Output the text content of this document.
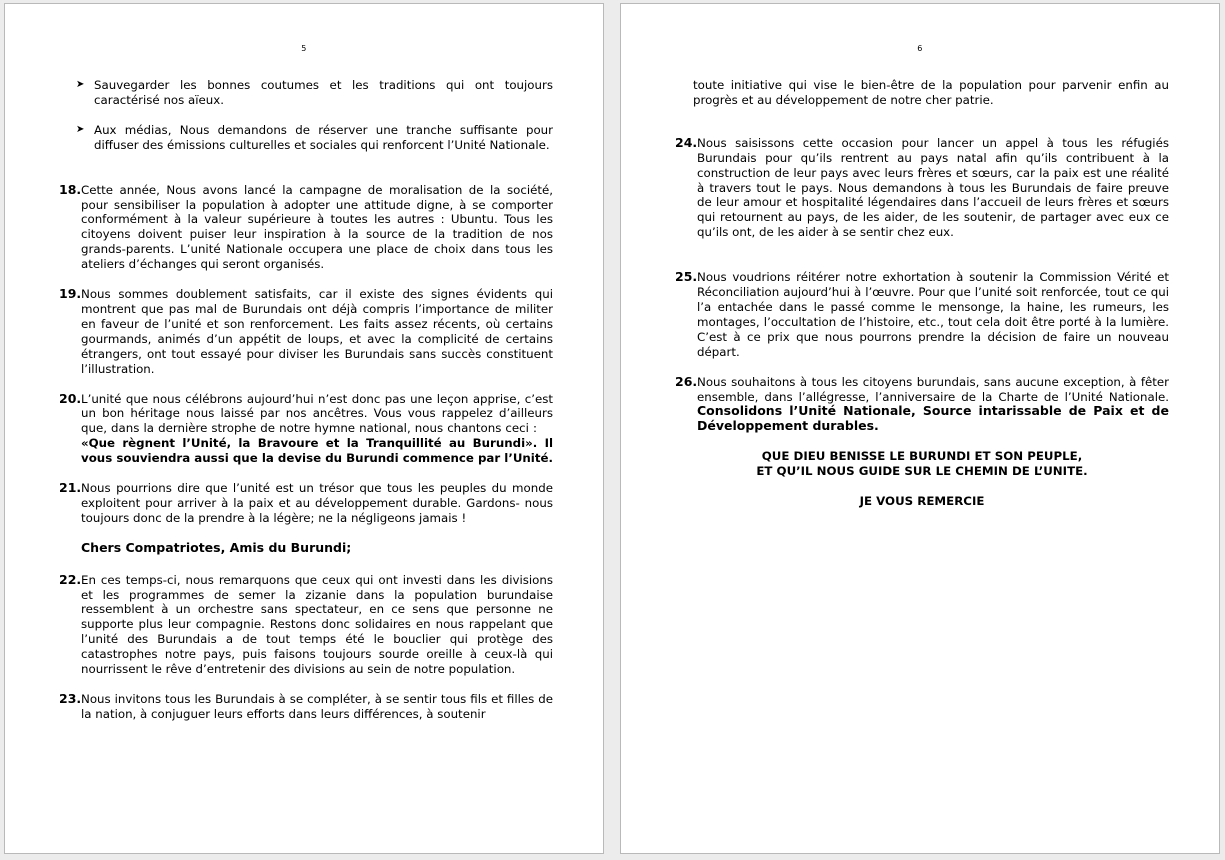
5
➤ Sauvegarder les bonnes coutumes et les traditions qui ont toujours caractérisé nos aïeux.
➤ Aux médias, Nous demandons de réserver une tranche suffisante pour diffuser des émissions culturelles et sociales qui renforcent l’Unité Nationale.
18. Cette année, Nous avons lancé la campagne de moralisation de la société, pour sensibiliser la population à adopter une attitude digne, à se comporter conformément à la valeur supérieure à toutes les autres : Ubuntu. Tous les citoyens doivent puiser leur inspiration à la source de la tradition de nos grands-parents. L’unité Nationale occupera une place de choix dans tous les ateliers d’échanges qui seront organisés.
19. Nous sommes doublement satisfaits, car il existe des signes évidents qui montrent que pas mal de Burundais ont déjà compris l’importance de militer en faveur de l’unité et son renforcement. Les faits assez récents, où certains gourmands, animés d’un appétit de loups, et avec la complicité de certains étrangers, ont tout essayé pour diviser les Burundais sans succès constituent l’illustration.
20. L’unité que nous célébrons aujourd’hui n’est donc pas une leçon apprise, c’est un bon héritage nous laissé par nos ancêtres. Vous vous rappelez d’ailleurs que, dans la dernière strophe de notre hymne national, nous chantons ceci :     «Que règnent l’Unité, la Bravoure et la Tranquillité au Burundi». Il vous souviendra aussi que la devise du Burundi commence par l’Unité.
21. Nous pourrions dire que l’unité est un trésor que tous les peuples du monde exploitent pour arriver à la paix et au développement durable. Gardons- nous toujours donc de la prendre à la légère; ne la négligeons jamais !
Chers Compatriotes, Amis du Burundi;
22. En ces temps-ci, nous remarquons que ceux qui ont investi dans les divisions et les programmes de semer la zizanie dans la population burundaise ressemblent à un orchestre sans spectateur, en ce sens que personne ne supporte plus leur compagnie. Restons donc solidaires en nous rappelant que l’unité des Burundais a de tout temps été le bouclier qui protège des catastrophes notre pays, puis faisons toujours sourde oreille à ceux-là qui nourrissent le rêve d’entretenir des divisions au sein de notre population.
23. Nous invitons tous les Burundais à se compléter, à se sentir tous fils et filles de la nation, à conjuguer leurs efforts dans leurs différences, à soutenir
6
toute initiative qui vise le bien-être de la population pour parvenir enfin au progrès et au développement de notre cher patrie.
24. Nous saisissons cette occasion pour lancer un appel à tous les réfugiés Burundais pour qu’ils rentrent au pays natal afin qu’ils contribuent à la construction de leur pays avec leurs frères et sœurs, car la paix est une réalité à travers tout le pays. Nous demandons à tous les Burundais de faire preuve de leur amour et hospitalité légendaires dans l’accueil de leurs frères et sœurs qui retournent au pays, de les aider, de les soutenir, de partager avec eux ce qu’ils ont, de les aider à se sentir chez eux.
25. Nous voudrions réitérer notre exhortation à soutenir la Commission Vérité et Réconciliation aujourd’hui à l’œuvre. Pour que l’unité soit renforcée, tout ce qui l’a entachée dans le passé comme le mensonge, la haine, les rumeurs, les montages, l’occultation de l’histoire, etc., tout cela doit être porté à la lumière. C’est à ce prix que nous pourrons prendre la décision de faire un nouveau départ.
26. Nous souhaitons à tous les citoyens burundais, sans aucune exception, à fêter ensemble, dans l’allégresse, l’anniversaire de la Charte de l’Unité Nationale. Consolidons l’Unité Nationale, Source intarissable de Paix et de Développement durables.
QUE DIEU BENISSE LE BURUNDI ET SON PEUPLE,
ET QU’IL NOUS GUIDE SUR LE CHEMIN DE L’UNITE.
JE VOUS REMERCIE
